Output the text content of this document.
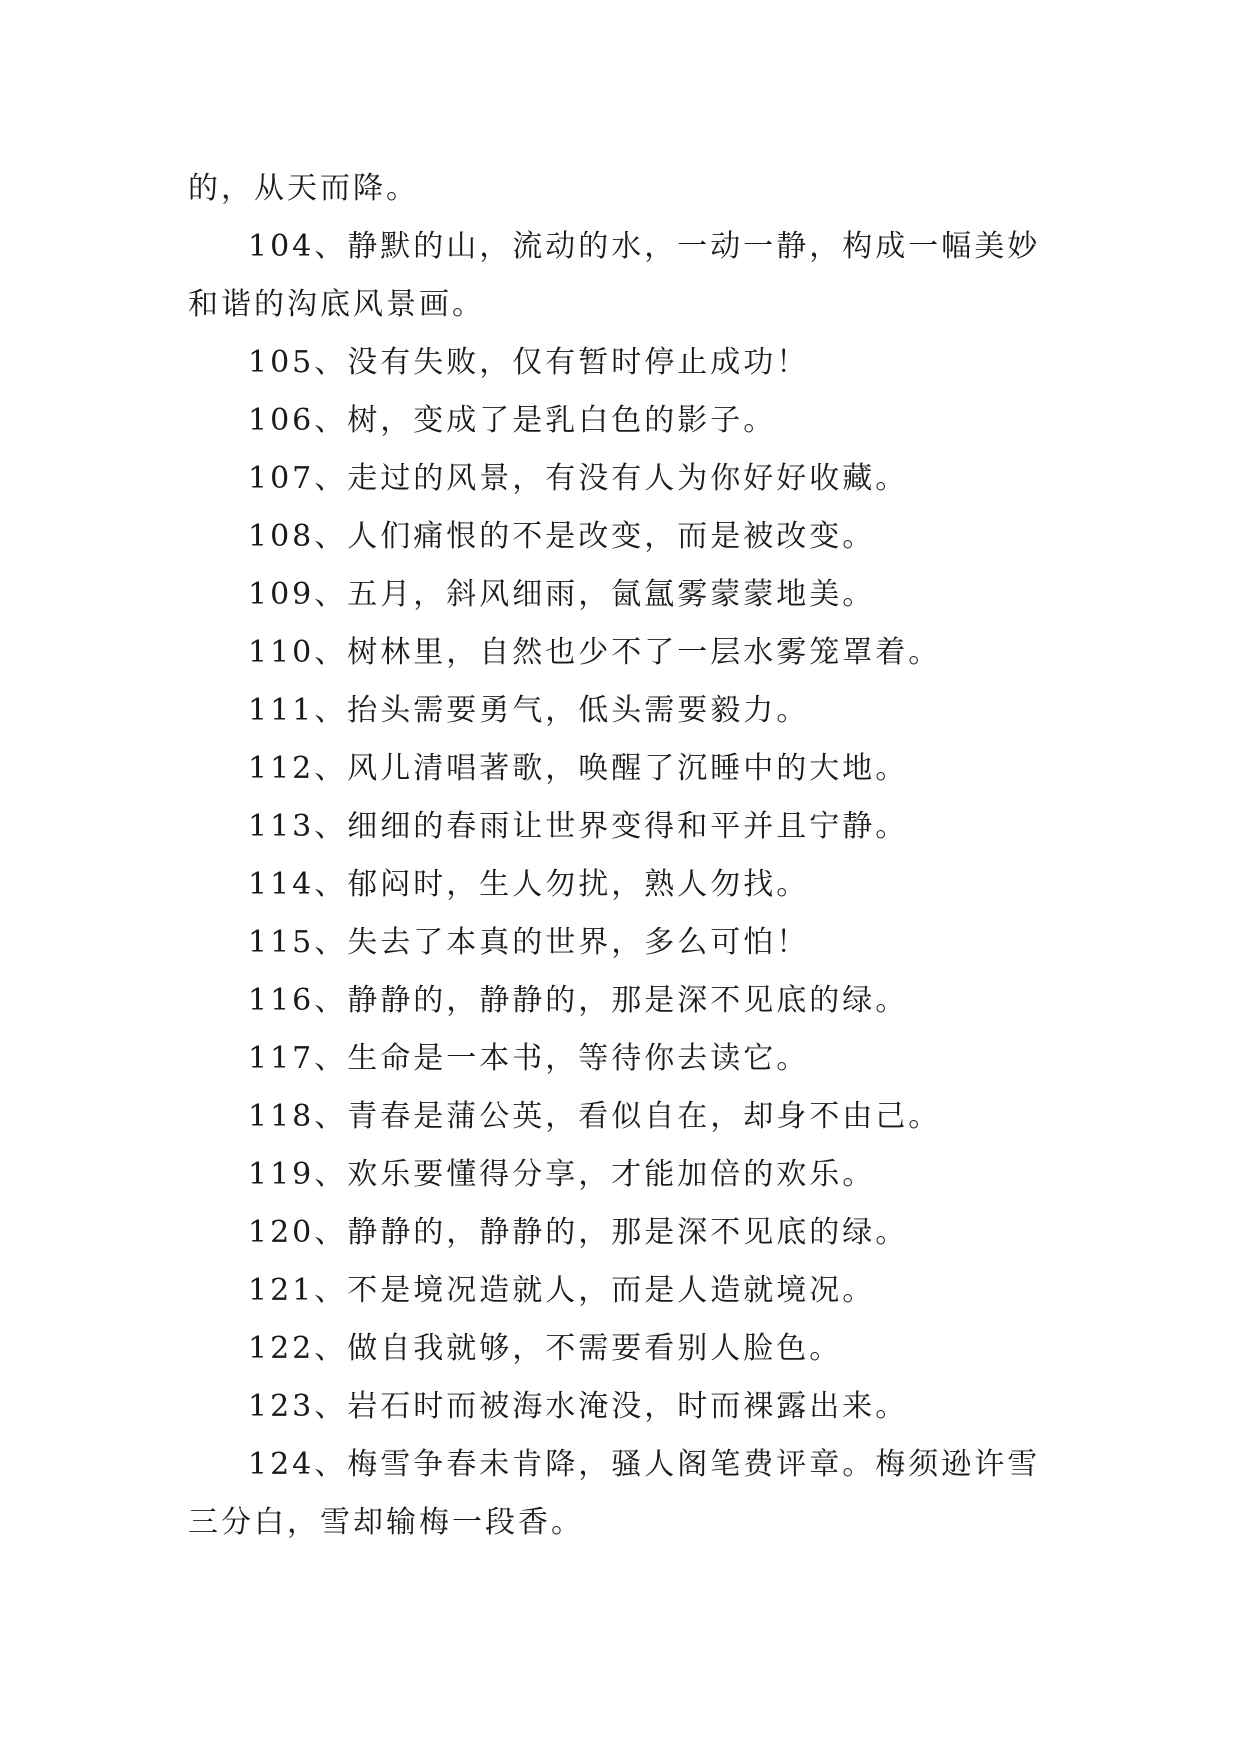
的，从天而降。

104、静默的山，流动的水，一动一静，构成一幅美妙和谐的沟底风景画。

105、没有失败，仅有暂时停止成功！

106、树，变成了是乳白色的影子。

107、走过的风景，有没有人为你好好收藏。

108、人们痛恨的不是改变，而是被改变。

109、五月，斜风细雨，氤氲雾蒙蒙地美。

110、树林里，自然也少不了一层水雾笼罩着。

111、抬头需要勇气，低头需要毅力。

112、风儿清唱著歌，唤醒了沉睡中的大地。

113、细细的春雨让世界变得和平并且宁静。

114、郁闷时，生人勿扰，熟人勿找。

115、失去了本真的世界，多么可怕！

116、静静的，静静的，那是深不见底的绿。

117、生命是一本书，等待你去读它。

118、青春是蒲公英，看似自在，却身不由己。

119、欢乐要懂得分享，才能加倍的欢乐。

120、静静的，静静的，那是深不见底的绿。

121、不是境况造就人，而是人造就境况。

122、做自我就够，不需要看别人脸色。

123、岩石时而被海水淹没，时而裸露出来。

124、梅雪争春未肯降，骚人阁笔费评章。梅须逊许雪三分白，雪却输梅一段香。
